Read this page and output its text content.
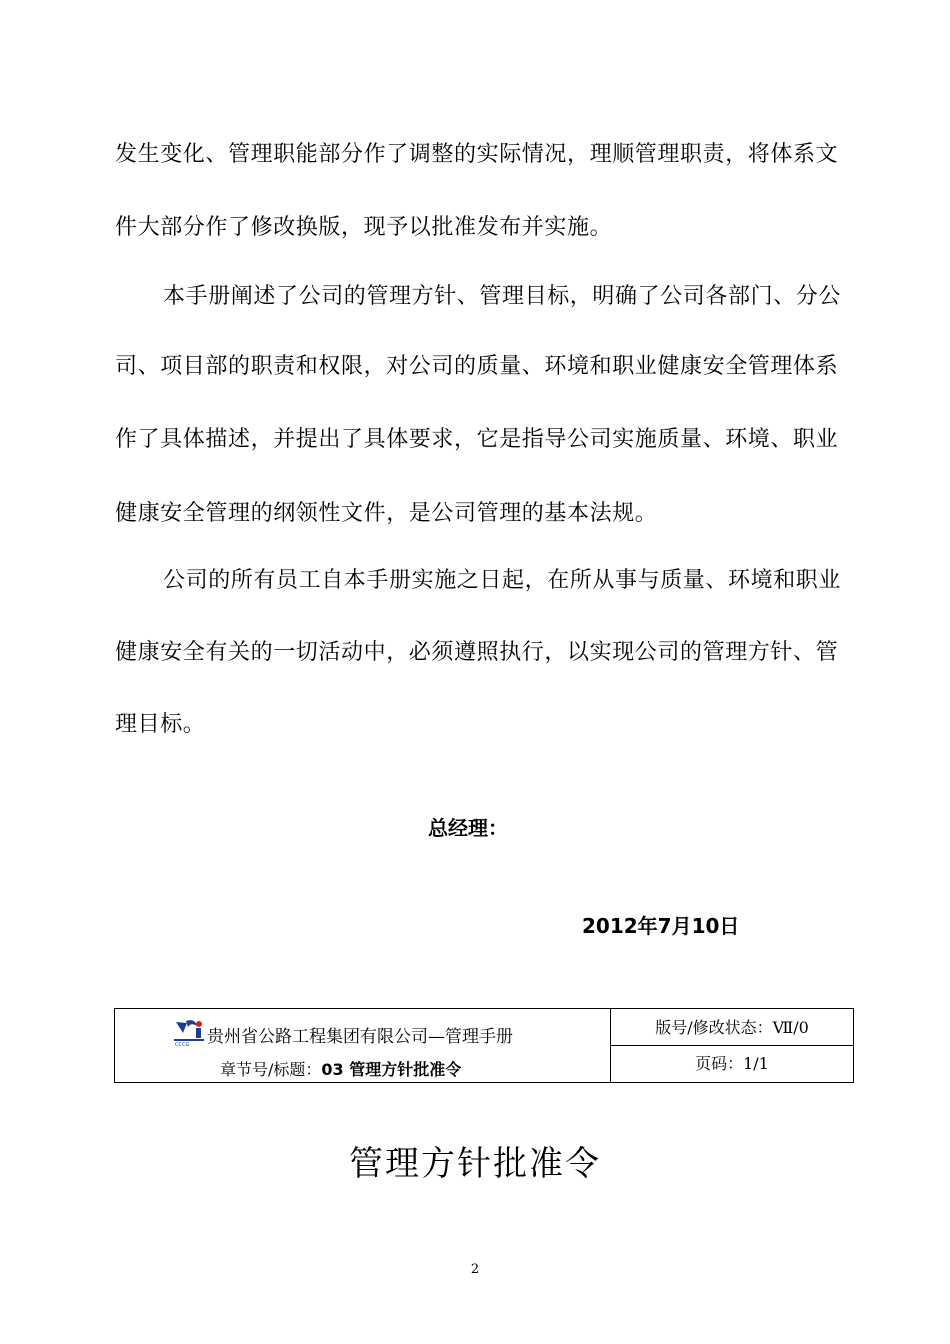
发生变化、管理职能部分作了调整的实际情况，理顺管理职责，将体系文
件大部分作了修改换版，现予以批准发布并实施。
本手册阐述了公司的管理方针、管理目标，明确了公司各部门、分公
司、项目部的职责和权限，对公司的质量、环境和职业健康安全管理体系
作了具体描述，并提出了具体要求，它是指导公司实施质量、环境、职业
健康安全管理的纲领性文件，是公司管理的基本法规。
公司的所有员工自本手册实施之日起，在所从事与质量、环境和职业
健康安全有关的一切活动中，必须遵照执行，以实现公司的管理方针、管
理目标。
总经理：
2012年7月10日
CCCG 贵州省公路工程集团有限公司—管理手册
章节号/标题：03 管理方针批准令
版号/修改状态：Ⅶ/0
页码：1/1
管理方针批准令
2
